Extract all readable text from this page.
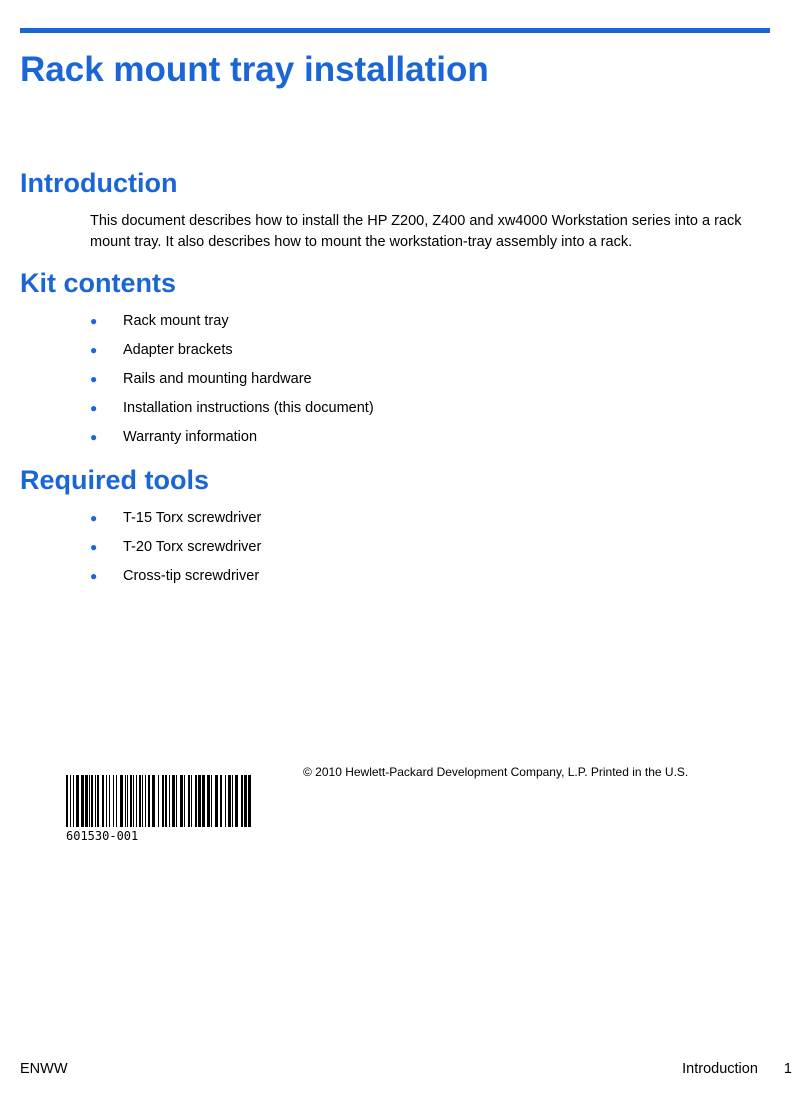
Rack mount tray installation
Introduction

This document describes how to install the HP Z200, Z400 and xw4000 Workstation series into a rack mount tray. It also describes how to mount the workstation-tray assembly into a rack.

Kit contents
●	Rack mount tray
●	Adapter brackets
●	Rails and mounting hardware
●	Installation instructions (this document)
●	Warranty information
Required tools
●	T-15 Torx screwdriver
●	T-20 Torx screwdriver
●	Cross-tip screwdriver

© 2010 Hewlett-Packard Development Company, L.P. Printed in the U.S.

601530-001

ENWW	Introduction 1
